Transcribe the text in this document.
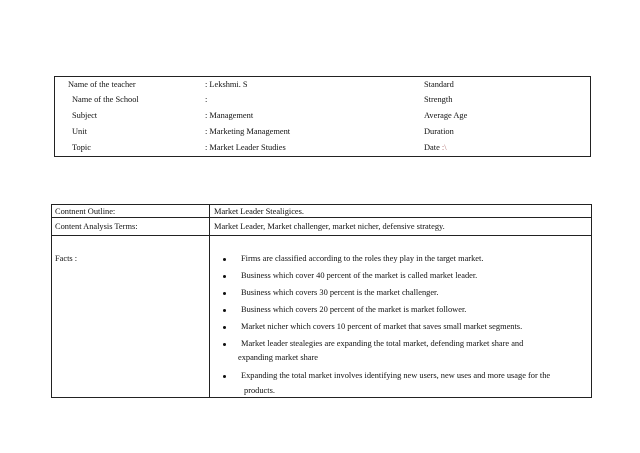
Name of the teacher	: Lekshmi. S	Standard
Name of the School	:	Strength
Subject	: Management	Average Age
Unit	: Marketing Management	Duration
Topic	: Market Leader Studies	Date :\
Contnent Outline:	Market Leader Stealigices.
Content Analysis Terms:	Market Leader, Market challenger, market nicher, defensive strategy.
Facts :	Firms are classified according to the roles they play in the target market.
Business which cover 40 percent of the market is called market leader.
Business which covers 30 percent is the market challenger.
Business which covers 20 percent of the market is market follower.
Market nicher which covers 10 percent of market that saves small market segments.
Market leader stealegies are expanding the total market, defending market share and
expanding market share
Expanding the total market involves identifying new users, new uses and more usage for the
products.
